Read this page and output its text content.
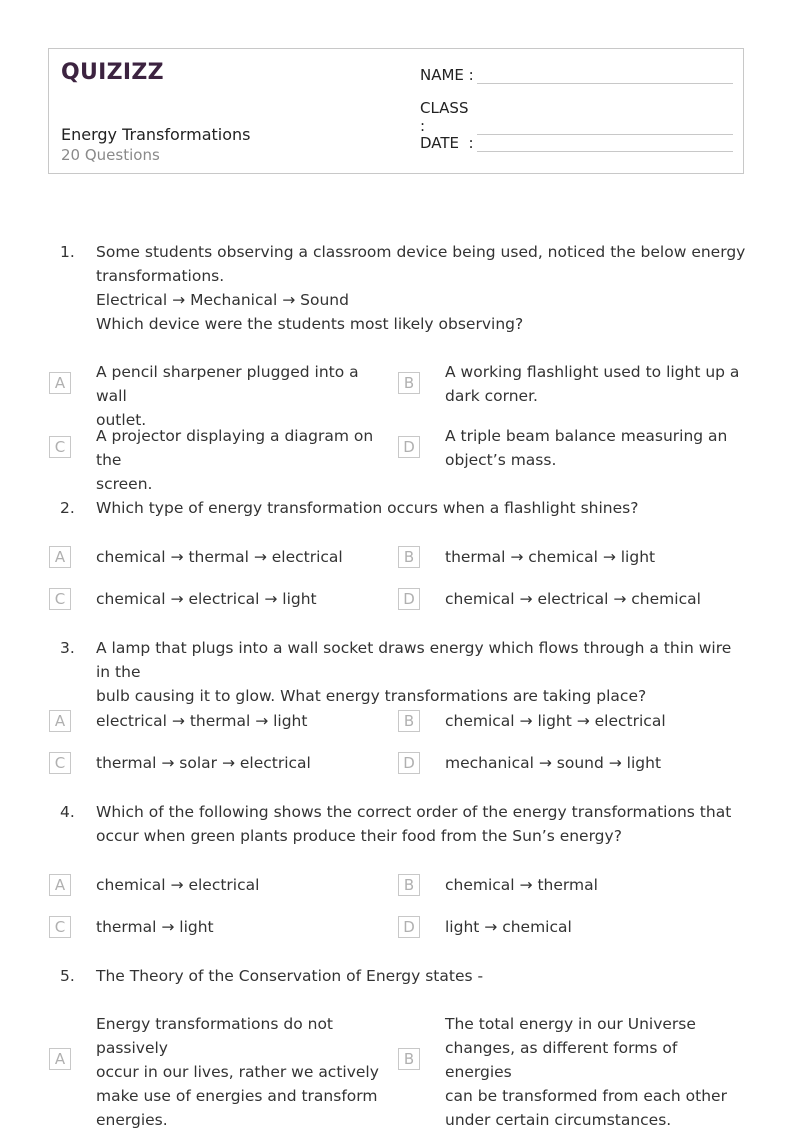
QUIZIZZ
Energy Transformations
20 Questions
NAME :
CLASS :
DATE  :
1.	Some students observing a classroom device being used, noticed the below energy
transformations.
Electrical → Mechanical → Sound
Which device were the students most likely observing?
A
A pencil sharpener plugged into a wall
outlet.
B
A working flashlight used to light up a
dark corner.
C
A projector displaying a diagram on the
screen.
D
A triple beam balance measuring an
object’s mass.
2.	Which type of energy transformation occurs when a flashlight shines?
A	chemical → thermal → electrical	B	thermal → chemical → light
C	chemical → electrical → light	D	chemical → electrical → chemical
3.	A lamp that plugs into a wall socket draws energy which flows through a thin wire in the
bulb causing it to glow. What energy transformations are taking place?
A	electrical → thermal → light	B	chemical → light → electrical
C	thermal → solar → electrical	D	mechanical → sound → light
4.	Which of the following shows the correct order of the energy transformations that
occur when green plants produce their food from the Sun’s energy?
A	chemical → electrical	B	chemical → thermal
C	thermal → light	D	light → chemical
5.	The Theory of the Conservation of Energy states -
A
Energy transformations do not passively
occur in our lives, rather we actively
make use of energies and transform
energies.
B
The total energy in our Universe
changes, as different forms of energies
can be transformed from each other
under certain circumstances.
